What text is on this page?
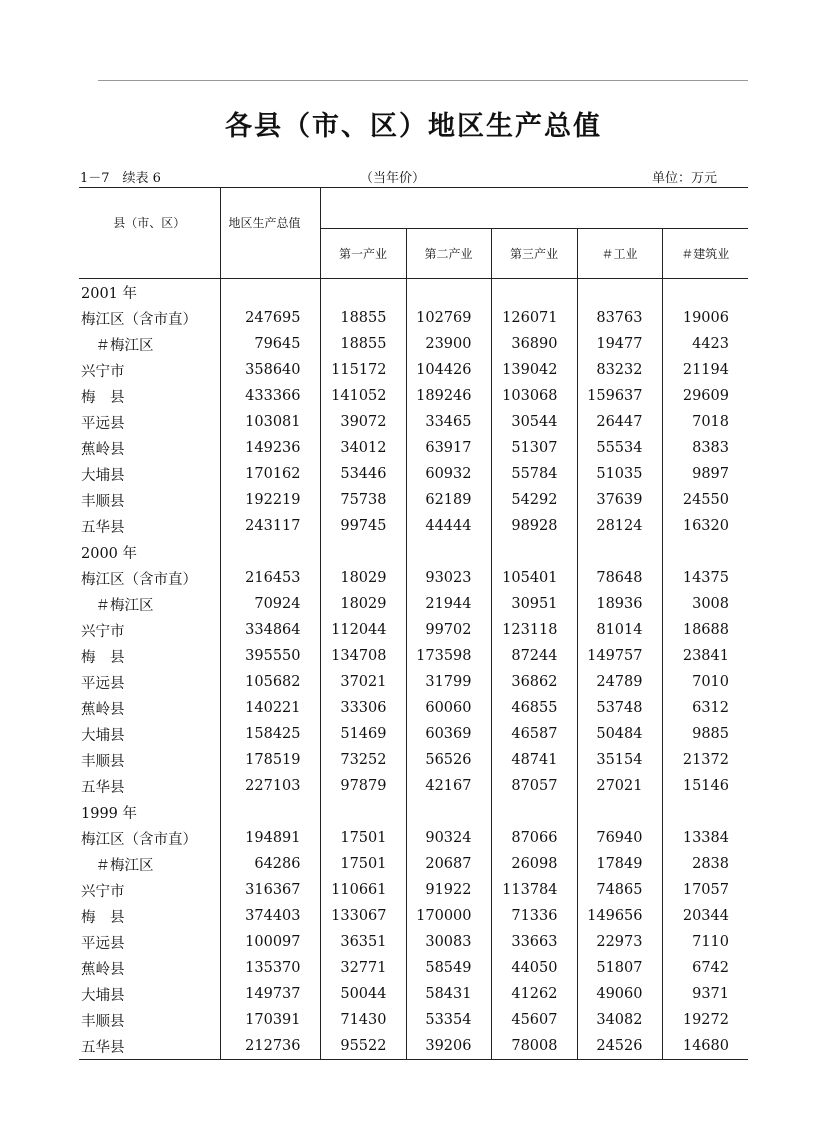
各县（市、区）地区生产总值
1－7　续表 6	（当年价）	单位：万元
县（市、区）	地区生产总值					
		第一产业	第二产业	第三产业	＃工业	＃建筑业
2001 年						
梅江区（含市直）	247695	18855	102769	126071	83763	19006
　＃梅江区	79645	18855	23900	36890	19477	4423
兴宁市	358640	115172	104426	139042	83232	21194
梅　县	433366	141052	189246	103068	159637	29609
平远县	103081	39072	33465	30544	26447	7018
蕉岭县	149236	34012	63917	51307	55534	8383
大埔县	170162	53446	60932	55784	51035	9897
丰顺县	192219	75738	62189	54292	37639	24550
五华县	243117	99745	44444	98928	28124	16320
2000 年						
梅江区（含市直）	216453	18029	93023	105401	78648	14375
　＃梅江区	70924	18029	21944	30951	18936	3008
兴宁市	334864	112044	99702	123118	81014	18688
梅　县	395550	134708	173598	87244	149757	23841
平远县	105682	37021	31799	36862	24789	7010
蕉岭县	140221	33306	60060	46855	53748	6312
大埔县	158425	51469	60369	46587	50484	9885
丰顺县	178519	73252	56526	48741	35154	21372
五华县	227103	97879	42167	87057	27021	15146
1999 年						
梅江区（含市直）	194891	17501	90324	87066	76940	13384
　＃梅江区	64286	17501	20687	26098	17849	2838
兴宁市	316367	110661	91922	113784	74865	17057
梅　县	374403	133067	170000	71336	149656	20344
平远县	100097	36351	30083	33663	22973	7110
蕉岭县	135370	32771	58549	44050	51807	6742
大埔县	149737	50044	58431	41262	49060	9371
丰顺县	170391	71430	53354	45607	34082	19272
五华县	212736	95522	39206	78008	24526	14680
